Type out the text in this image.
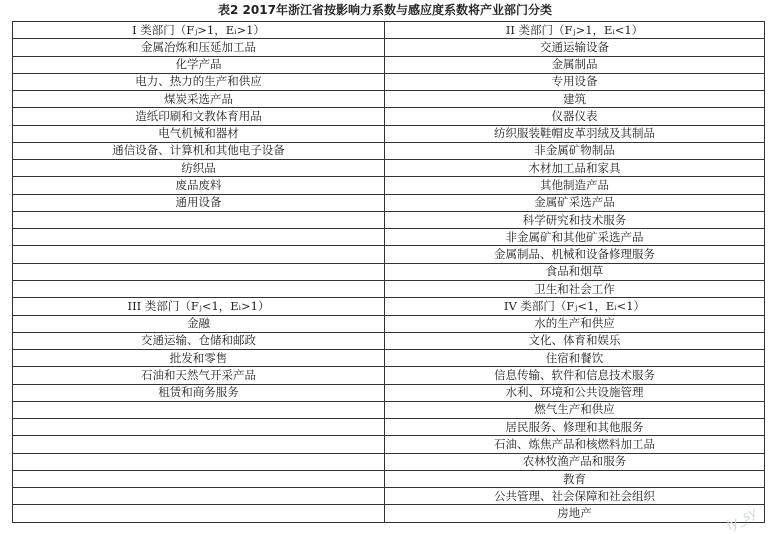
表2 2017年浙江省按影响力系数与感应度系数将产业部门分类
I 类部门（F⁠ⱼ>1，E⁠ᵢ>1）	II 类部门（F⁠ⱼ>1，E⁠ᵢ<1）
金属冶炼和压延加工品	交通运输设备
化学产品	金属制品
电力、热力的生产和供应	专用设备
煤炭采选产品	建筑
造纸印刷和文教体育用品	仪器仪表
电气机械和器材	纺织服装鞋帽皮革羽绒及其制品
通信设备、计算机和其他电子设备	非金属矿物制品
纺织品	木材加工品和家具
废品废料	其他制造产品
通用设备	金属矿采选产品
	科学研究和技术服务
	非金属矿和其他矿采选产品
	金属制品、机械和设备修理服务
	食品和烟草
	卫生和社会工作
III 类部门（F⁠ⱼ<1，E⁠ᵢ>1）	IV 类部门（F⁠ⱼ<1，E⁠ᵢ<1）
金融	水的生产和供应
交通运输、仓储和邮政	文化、体育和娱乐
批发和零售	住宿和餐饮
石油和天然气开采产品	信息传输、软件和信息技术服务
租赁和商务服务	水利、环境和公共设施管理
	燃气生产和供应
	居民服务、修理和其他服务
	石油、炼焦产品和核燃料加工品
	农林牧渔产品和服务
	教育
	公共管理、社会保障和社会组织
	房地产	ly_sy
